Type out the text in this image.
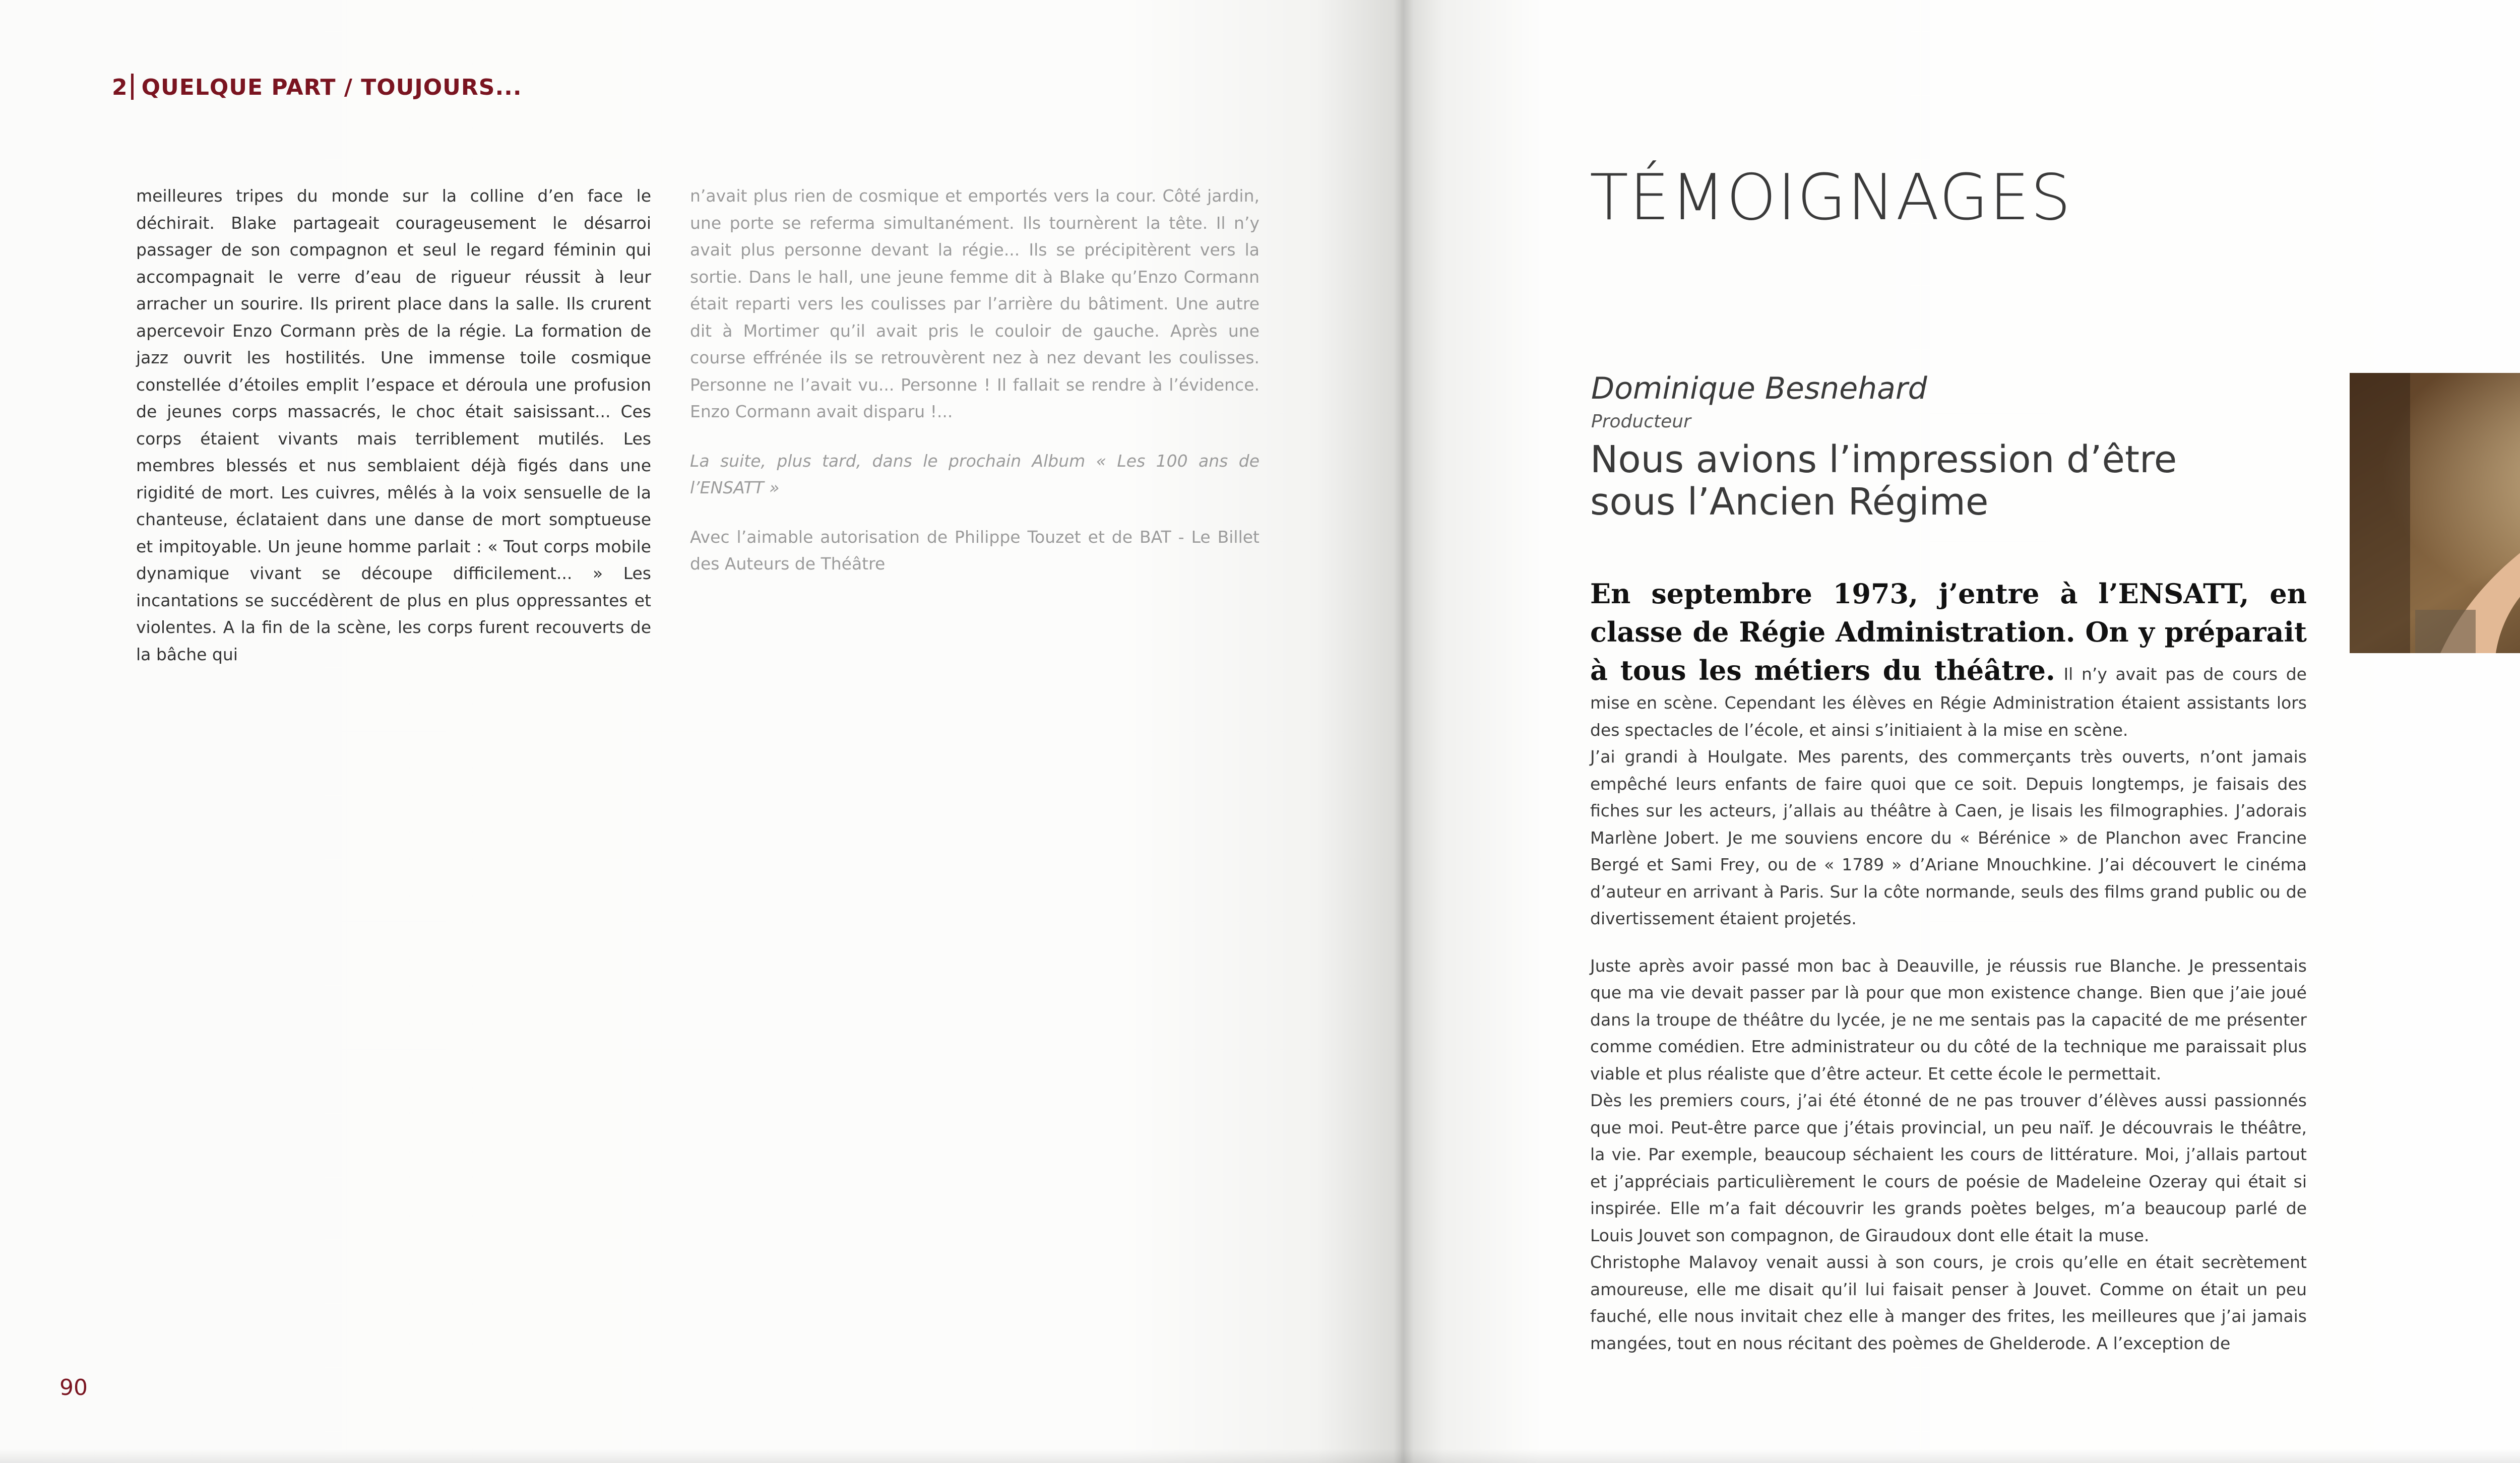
2 QUELQUE PART / TOUJOURS...
meilleures tripes du monde sur la colline d’en face le déchirait. Blake partageait courageusement le désarroi passager de son compagnon et seul le regard féminin qui accompagnait le verre d’eau de rigueur réussit à leur arracher un sourire. Ils prirent place dans la salle. Ils crurent apercevoir Enzo Cormann près de la régie. La formation de jazz ouvrit les hostilités. Une immense toile cosmique constellée d’étoiles emplit l’espace et déroula une profusion de jeunes corps massacrés, le choc était saisissant... Ces corps étaient vivants mais terriblement mutilés. Les membres blessés et nus semblaient déjà figés dans une rigidité de mort. Les cuivres, mêlés à la voix sensuelle de la chanteuse, éclataient dans une danse de mort somptueuse et impitoyable. Un jeune homme parlait : « Tout corps mobile dynamique vivant se découpe difficilement... » Les incantations se succédèrent de plus en plus oppressantes et violentes. A la fin de la scène, les corps furent recouverts de la bâche qui

n’avait plus rien de cosmique et emportés vers la cour. Côté jardin, une porte se referma simultanément. Ils tournèrent la tête. Il n’y avait plus personne devant la régie... Ils se précipitèrent vers la sortie. Dans le hall, une jeune femme dit à Blake qu’Enzo Cormann était reparti vers les coulisses par l’arrière du bâtiment. Une autre dit à Mortimer qu’il avait pris le couloir de gauche. Après une course effrénée ils se retrouvèrent nez à nez devant les coulisses. Personne ne l’avait vu... Personne ! Il fallait se rendre à l’évidence. Enzo Cormann avait disparu !...

La suite, plus tard, dans le prochain Album « Les 100 ans de l’ENSATT »

Avec l’aimable autorisation de Philippe Touzet et de BAT - Le Billet des Auteurs de Théâtre

90
TÉMOIGNAGES
Dominique Besnehard
Producteur
Nous avions l’impression d’être
sous l’Ancien Régime

En septembre 1973, j’entre à l’ENSATT, en classe de Régie Administration. On y préparait à tous les métiers du théâtre. Il n’y avait pas de cours de mise en scène. Cependant les élèves en Régie Administration étaient assistants lors des spectacles de l’école, et ainsi s’initiaient à la mise en scène.

J’ai grandi à Houlgate. Mes parents, des commerçants très ouverts, n’ont jamais empêché leurs enfants de faire quoi que ce soit. Depuis longtemps, je faisais des fiches sur les acteurs, j’allais au théâtre à Caen, je lisais les filmographies. J’adorais Marlène Jobert. Je me souviens encore du « Bérénice » de Planchon avec Francine Bergé et Sami Frey, ou de « 1789 » d’Ariane Mnouchkine. J’ai découvert le cinéma d’auteur en arrivant à Paris. Sur la côte normande, seuls des films grand public ou de divertissement étaient projetés.

Juste après avoir passé mon bac à Deauville, je réussis rue Blanche. Je pressentais que ma vie devait passer par là pour que mon existence change. Bien que j’aie joué dans la troupe de théâtre du lycée, je ne me sentais pas la capacité de me présenter comme comédien. Etre administrateur ou du côté de la technique me paraissait plus viable et plus réaliste que d’être acteur. Et cette école le permettait.

Dès les premiers cours, j’ai été étonné de ne pas trouver d’élèves aussi passionnés que moi. Peut-être parce que j’étais provincial, un peu naïf. Je découvrais le théâtre, la vie. Par exemple, beaucoup séchaient les cours de littérature. Moi, j’allais partout et j’appréciais particulièrement le cours de poésie de Madeleine Ozeray qui était si inspirée. Elle m’a fait découvrir les grands poètes belges, m’a beaucoup parlé de Louis Jouvet son compagnon, de Giraudoux dont elle était la muse.

Christophe Malavoy venait aussi à son cours, je crois qu’elle en était secrètement amoureuse, elle me disait qu’il lui faisait penser à Jouvet. Comme on était un peu fauché, elle nous invitait chez elle à manger des frites, les meilleures que j’ai jamais mangées, tout en nous récitant des poèmes de Ghelderode. A l’exception de
